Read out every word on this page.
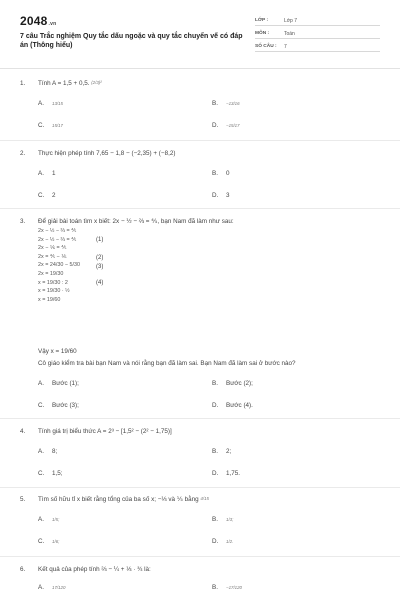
2048.vn
7 câu Trắc nghiệm Quy tắc dấu ngoặc và quy tắc chuyển vế có đáp án (Thông hiểu)
LỚP :	Lớp 7
MÔN :	Toán
SỐ CÂU :	7
1.	Tính A = 1,5 + 0,5.
(2/3)²
A.	13/15	B.	−13/16
C.	15/17	D.	−15/17
2.	Thực hiện phép tính 7,65 − 1,8 − (−2,35) + (−8,2)
A.	1	B.	0
C.	2	D.	3
3.	Để giải bài toán tìm x biết: 2x − ½ − ⅔ = ⅘, bạn Nam đã làm như sau:
2x − ½ − ⅔ = ⅘
2x − ½ − ⅔ = ⅘	(1)
2x − ⅙ = ⅘
2x = ⅘ − ⅙	(2)
2x = 24/30 − 5/30	(3)
2x = 19/30
x = 19/30 : 2	(4)
x = 19/30 · ½
x = 19/60
Vậy x = 19/60
Cô giáo kiểm tra bài bạn Nam và nói rằng bạn đã làm sai. Bạn Nam đã làm sai ở bước nào?
A.	Bước (1);	B.	Bước (2);
C.	Bước (3);	D.	Bước (4).
4.	Tính giá trị biểu thức A = 2³ − [1,5² − (2² − 1,75)]
A.	8;	B.	2;
C.	1,5;	D.	1,75.
5.	Tìm số hữu tỉ x biết rằng tổng của ba số x; −⅓ và ⅕ bằng
4/15
A.	1/5;	B.	1/3;
C.	1/6;	D.	1/2.
6.	Kết quả của phép tính ⅔ − ¼ + ⅓ · ¾ là:
A.	17/120	B.	−17/120
